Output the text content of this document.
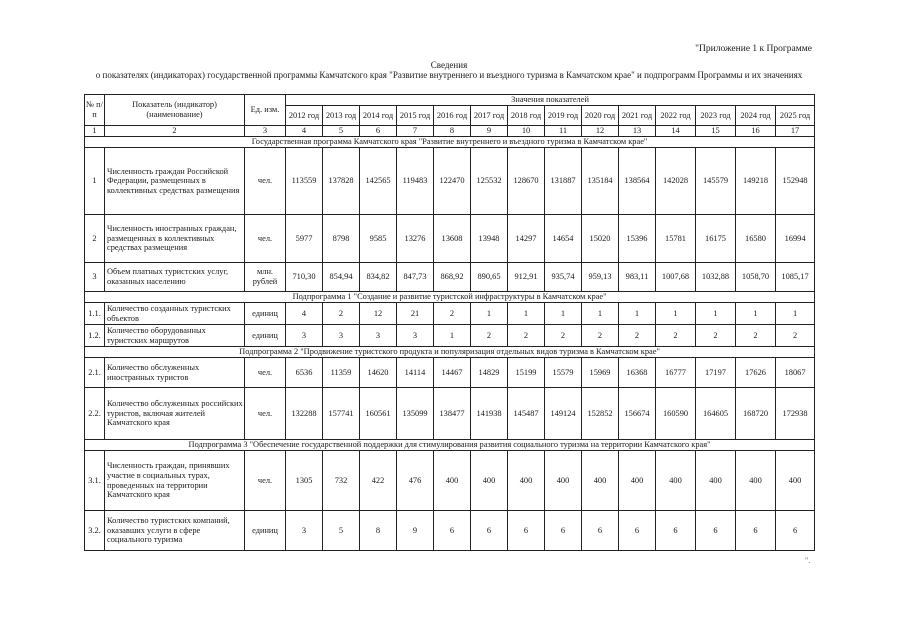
"Приложение 1 к Программе
Сведения
о показателях (индикаторах) государственной программы Камчатского края "Развитие внутреннего и въездного туризма в Камчатском крае" и подпрограмм Программы и их значениях
№ п/п	Показатель (индикатор) (наименование)	Ед. изм.	Значения показателей													
			2012 год	2013 год	2014 год	2015 год	2016 год	2017 год	2018 год	2019 год	2020 год	2021 год	2022 год	2023 год	2024 год	2025 год
1	2	3	4	5	6	7	8	9	10	11	12	13	14	15	16	17
Государственная программа Камчатского края "Развитие внутреннего и въездного туризма в Камчатском крае"																
1	Численность граждан Российской Федерации, размещенных в коллективных средствах размещения	чел.	113559	137828	142565	119483	122470	125532	128670	131887	135184	138564	142028	145579	149218	152948
2	Численность иностранных граждан, размещенных в коллективных средствах размещения	чел.	5977	8798	9585	13276	13608	13948	14297	14654	15020	15396	15781	16175	16580	16994
3	Объем платных туристских услуг, оказанных населению	млн. рублей	710,30	854,94	834,82	847,73	868,92	890,65	912,91	935,74	959,13	983,11	1007,68	1032,88	1058,70	1085,17
Подпрограмма 1 "Создание и развитие туристской инфраструктуры в Камчатском крае"																
1.1.	Количество созданных туристских объектов	единиц	4	2	12	21	2	1	1	1	1	1	1	1	1	1
1.2.	Количество оборудованных туристских маршрутов	единиц	3	3	3	3	1	2	2	2	2	2	2	2	2	2
Подпрограмма 2 "Продвижение туристского продукта и популяризация отдельных видов туризма в Камчатском крае"																
2.1.	Количество обслуженных иностранных туристов	чел.	6536	11359	14620	14114	14467	14829	15199	15579	15969	16368	16777	17197	17626	18067
2.2.	Количество обслуженных российских туристов, включая жителей Камчатского края	чел.	132288	157741	160561	135099	138477	141938	145487	149124	152852	156674	160590	164605	168720	172938
Подпрограмма 3 "Обеспечение государственной поддержки для стимулирования развития социального туризма на территории Камчатского края"																
3.1.	Численность граждан, принявших участие в социальных турах, проведенных на территории Камчатского края	чел.	1305	732	422	476	400	400	400	400	400	400	400	400	400	400
3.2.	Количество туристских компаний, оказавших услуги в сфере социального туризма	единиц	3	5	8	9	6	6	6	6	6	6	6	6	6	6
".
